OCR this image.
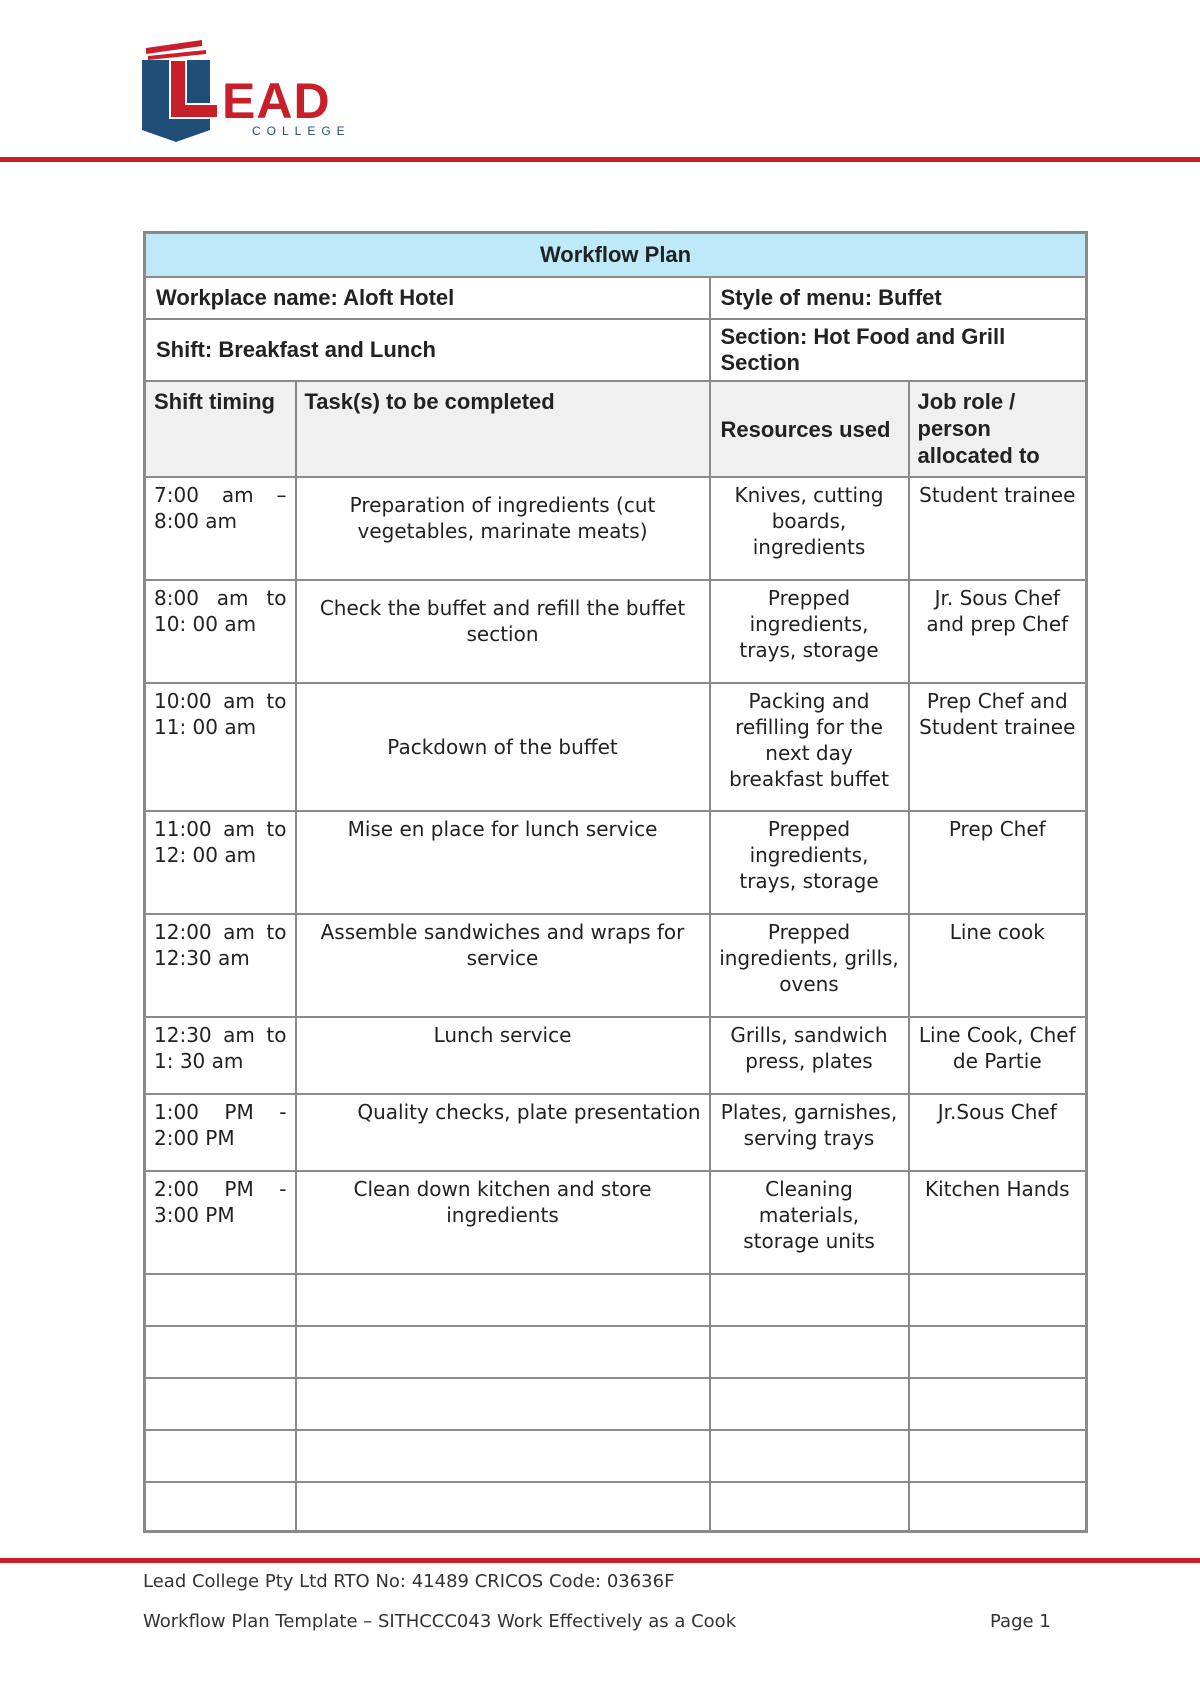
EAD
COLLEGE
Workflow Plan			
Workplace name: Aloft Hotel		Style of menu: Buffet	
Shift: Breakfast and Lunch		Section: Hot Food and Grill Section	
Shift timing	Task(s) to be completed	Resources used	Job role / person allocated to
7:00 am – 8:00 am	Preparation of ingredients (cut vegetables, marinate meats)	Knives, cutting boards, ingredients	Student trainee
8:00 am to 10: 00 am	Check the buffet and refill the buffet section	Prepped ingredients, trays, storage	Jr. Sous Chef and prep Chef
10:00 am to 11: 00 am	Packdown of the buffet	Packing and refilling for the next day breakfast buffet	Prep Chef and Student trainee
11:00 am to 12: 00 am	Mise en place for lunch service	Prepped ingredients, trays, storage	Prep Chef
12:00 am to 12:30 am	Assemble sandwiches and wraps for service	Prepped ingredients, grills, ovens	Line cook
12:30 am to 1: 30 am	Lunch service	Grills, sandwich press, plates	Line Cook, Chef de Partie
1:00 PM - 2:00 PM	Quality checks, plate presentation	Plates, garnishes, serving trays	Jr.Sous Chef
2:00 PM - 3:00 PM	Clean down kitchen and store ingredients	Cleaning materials, storage units	Kitchen Hands

Lead College Pty Ltd RTO No: 41489 CRICOS Code: 03636F
Workflow Plan Template – SITHCCC043 Work Effectively as a Cook	Page 1
